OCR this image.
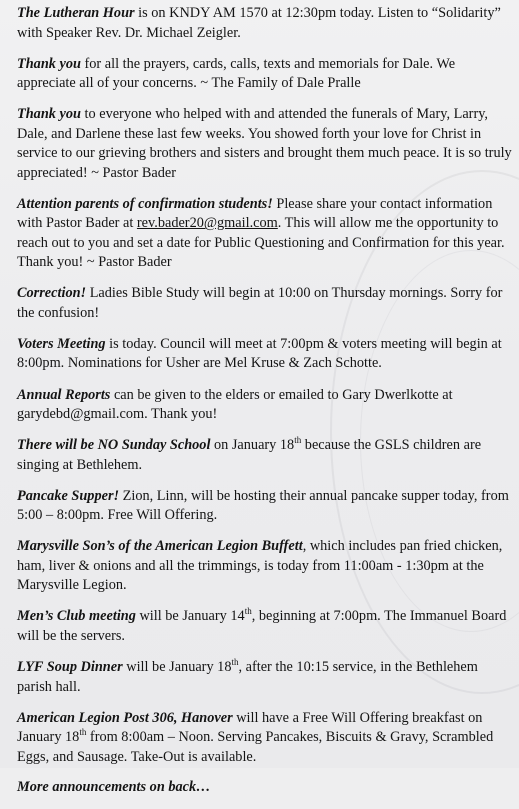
The Lutheran Hour is on KNDY AM 1570 at 12:30pm today. Listen to “Solidarity” with Speaker Rev. Dr. Michael Zeigler.

Thank you for all the prayers, cards, calls, texts and memorials for Dale. We appreciate all of your concerns. ~ The Family of Dale Pralle

Thank you to everyone who helped with and attended the funerals of Mary, Larry, Dale, and Darlene these last few weeks. You showed forth your love for Christ in service to our grieving brothers and sisters and brought them much peace. It is so truly appreciated! ~ Pastor Bader

Attention parents of confirmation students! Please share your contact information with Pastor Bader at rev.bader20@gmail.com. This will allow me the opportunity to reach out to you and set a date for Public Questioning and Confirmation for this year. Thank you! ~ Pastor Bader

Correction! Ladies Bible Study will begin at 10:00 on Thursday mornings. Sorry for the confusion!

Voters Meeting is today. Council will meet at 7:00pm & voters meeting will begin at 8:00pm. Nominations for Usher are Mel Kruse & Zach Schotte.

Annual Reports can be given to the elders or emailed to Gary Dwerlkotte at garydebd@gmail.com. Thank you!

There will be NO Sunday School on January 18th because the GSLS children are singing at Bethlehem.

Pancake Supper! Zion, Linn, will be hosting their annual pancake supper today, from 5:00 – 8:00pm. Free Will Offering.

Marysville Son’s of the American Legion Buffett, which includes pan fried chicken, ham, liver & onions and all the trimmings, is today from 11:00am - 1:30pm at the Marysville Legion.

Men’s Club meeting will be January 14th, beginning at 7:00pm. The Immanuel Board will be the servers.

LYF Soup Dinner will be January 18th, after the 10:15 service, in the Bethlehem parish hall.

American Legion Post 306, Hanover will have a Free Will Offering breakfast on January 18th from 8:00am – Noon. Serving Pancakes, Biscuits & Gravy, Scrambled Eggs, and Sausage. Take-Out is available.

More announcements on back…
